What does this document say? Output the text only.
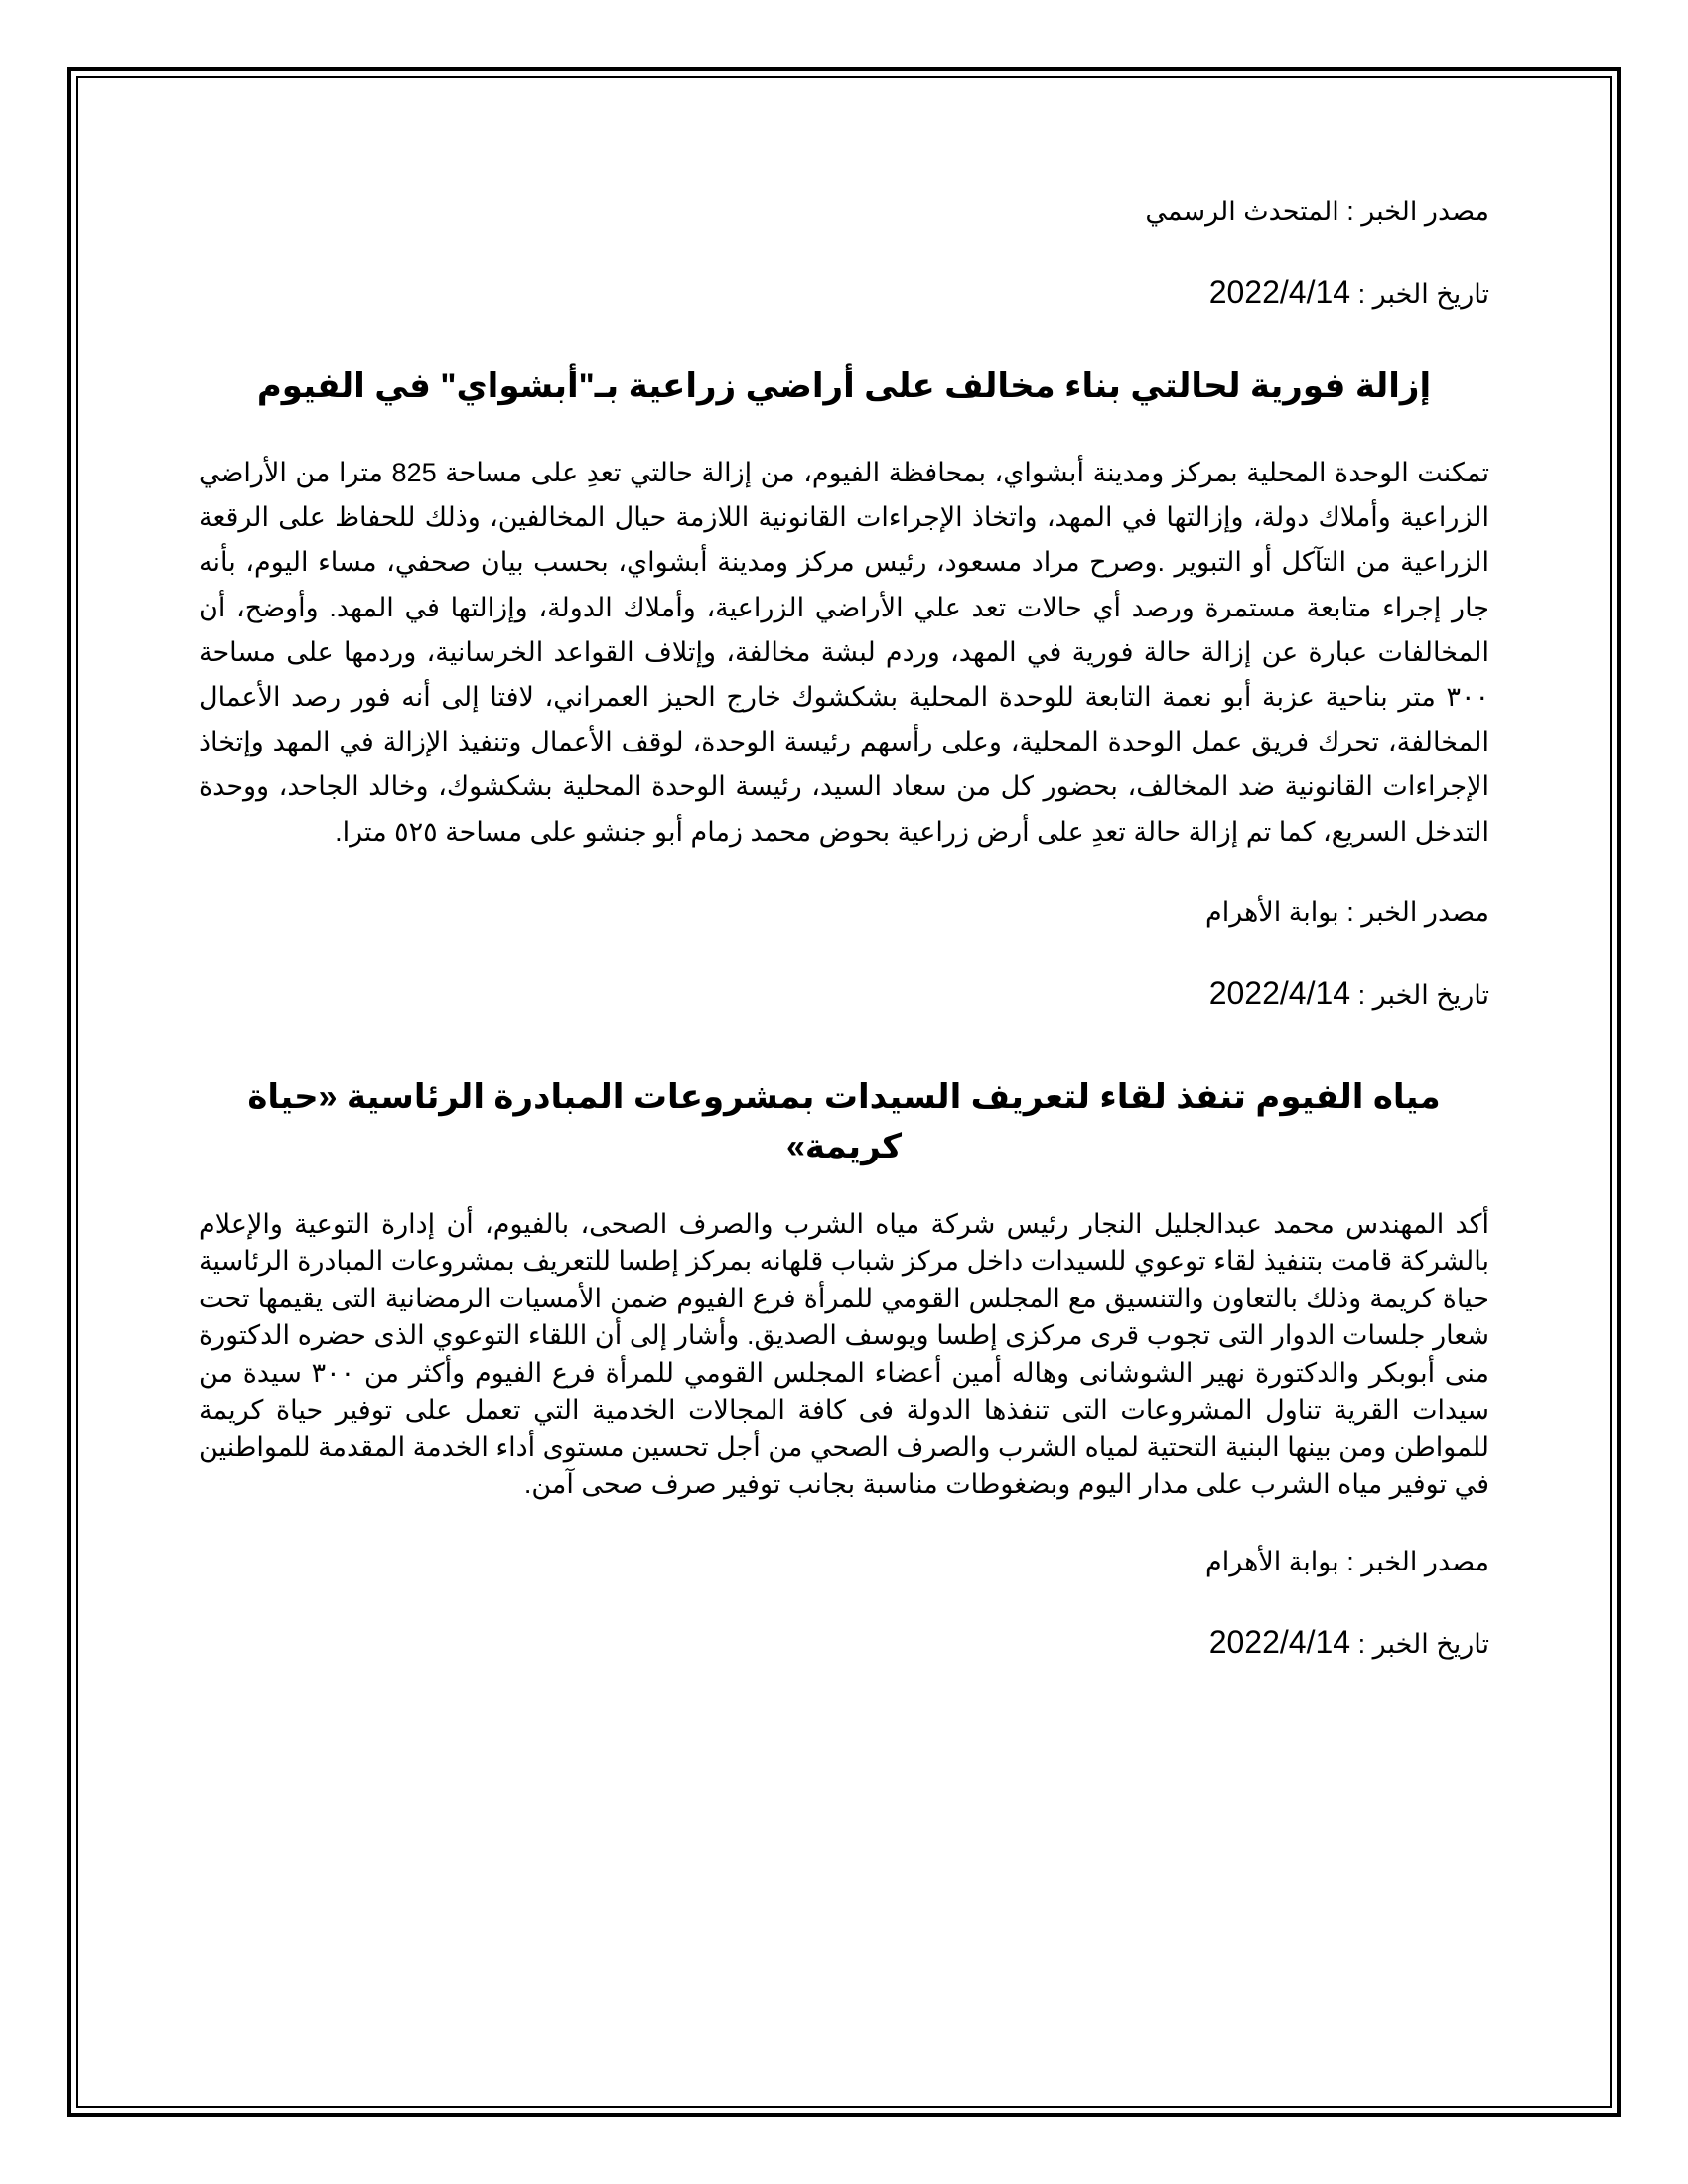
مصدر الخبر : المتحدث الرسمي

تاريخ الخبر : 2022/4/14

إزالة فورية لحالتي بناء مخالف على أراضي زراعية بـ"أبشواي" في الفيوم

تمكنت الوحدة المحلية بمركز ومدينة أبشواي، بمحافظة الفيوم، من إزالة حالتي تعدِ على مساحة 825 مترا من الأراضي الزراعية وأملاك دولة، وإزالتها في المهد، واتخاذ الإجراءات القانونية اللازمة حيال المخالفين، وذلك للحفاظ على الرقعة الزراعية من التآكل أو التبوير .وصرح مراد مسعود، رئيس مركز ومدينة أبشواي، بحسب بيان صحفي، مساء اليوم، بأنه جار إجراء متابعة مستمرة ورصد أي حالات تعد علي الأراضي الزراعية، وأملاك الدولة، وإزالتها في المهد. وأوضح، أن المخالفات عبارة عن إزالة حالة فورية في المهد، وردم لبشة مخالفة، وإتلاف القواعد الخرسانية، وردمها على مساحة ٣٠٠ متر بناحية عزبة أبو نعمة التابعة للوحدة المحلية بشكشوك خارج الحيز العمراني، لافتا إلى أنه فور رصد الأعمال المخالفة، تحرك فريق عمل الوحدة المحلية، وعلى رأسهم رئيسة الوحدة، لوقف الأعمال وتنفيذ الإزالة في المهد وإتخاذ الإجراءات القانونية ضد المخالف، بحضور كل من سعاد السيد، رئيسة الوحدة المحلية بشكشوك، وخالد الجاحد، ووحدة التدخل السريع، كما تم إزالة حالة تعدِ على أرض زراعية بحوض محمد زمام أبو جنشو على مساحة ٥٢٥ مترا.

مصدر الخبر : بوابة الأهرام

تاريخ الخبر : 2022/4/14

مياه الفيوم تنفذ لقاء لتعريف السيدات بمشروعات المبادرة الرئاسية «حياة كريمة»

أكد المهندس محمد عبدالجليل النجار رئيس شركة مياه الشرب والصرف الصحى، بالفيوم، أن إدارة التوعية والإعلام بالشركة قامت بتنفيذ لقاء توعوي للسيدات داخل مركز شباب قلهانه بمركز إطسا للتعريف بمشروعات المبادرة الرئاسية حياة كريمة وذلك بالتعاون والتنسيق مع المجلس القومي للمرأة فرع الفيوم ضمن الأمسيات الرمضانية التى يقيمها تحت شعار جلسات الدوار التى تجوب قرى مركزى إطسا ويوسف الصديق. وأشار إلى أن اللقاء التوعوي الذى حضره الدكتورة منى أبوبكر والدكتورة نهير الشوشانى وهاله أمين أعضاء المجلس القومي للمرأة فرع الفيوم وأكثر من ٣٠٠ سيدة من سيدات القرية تناول المشروعات التى تنفذها الدولة فى كافة المجالات الخدمية التي تعمل على توفير حياة كريمة للمواطن ومن بينها البنية التحتية لمياه الشرب والصرف الصحي من أجل تحسين مستوى أداء الخدمة المقدمة للمواطنين في توفير مياه الشرب على مدار اليوم وبضغوطات مناسبة بجانب توفير صرف صحى آمن.

مصدر الخبر : بوابة الأهرام

تاريخ الخبر : 2022/4/14
